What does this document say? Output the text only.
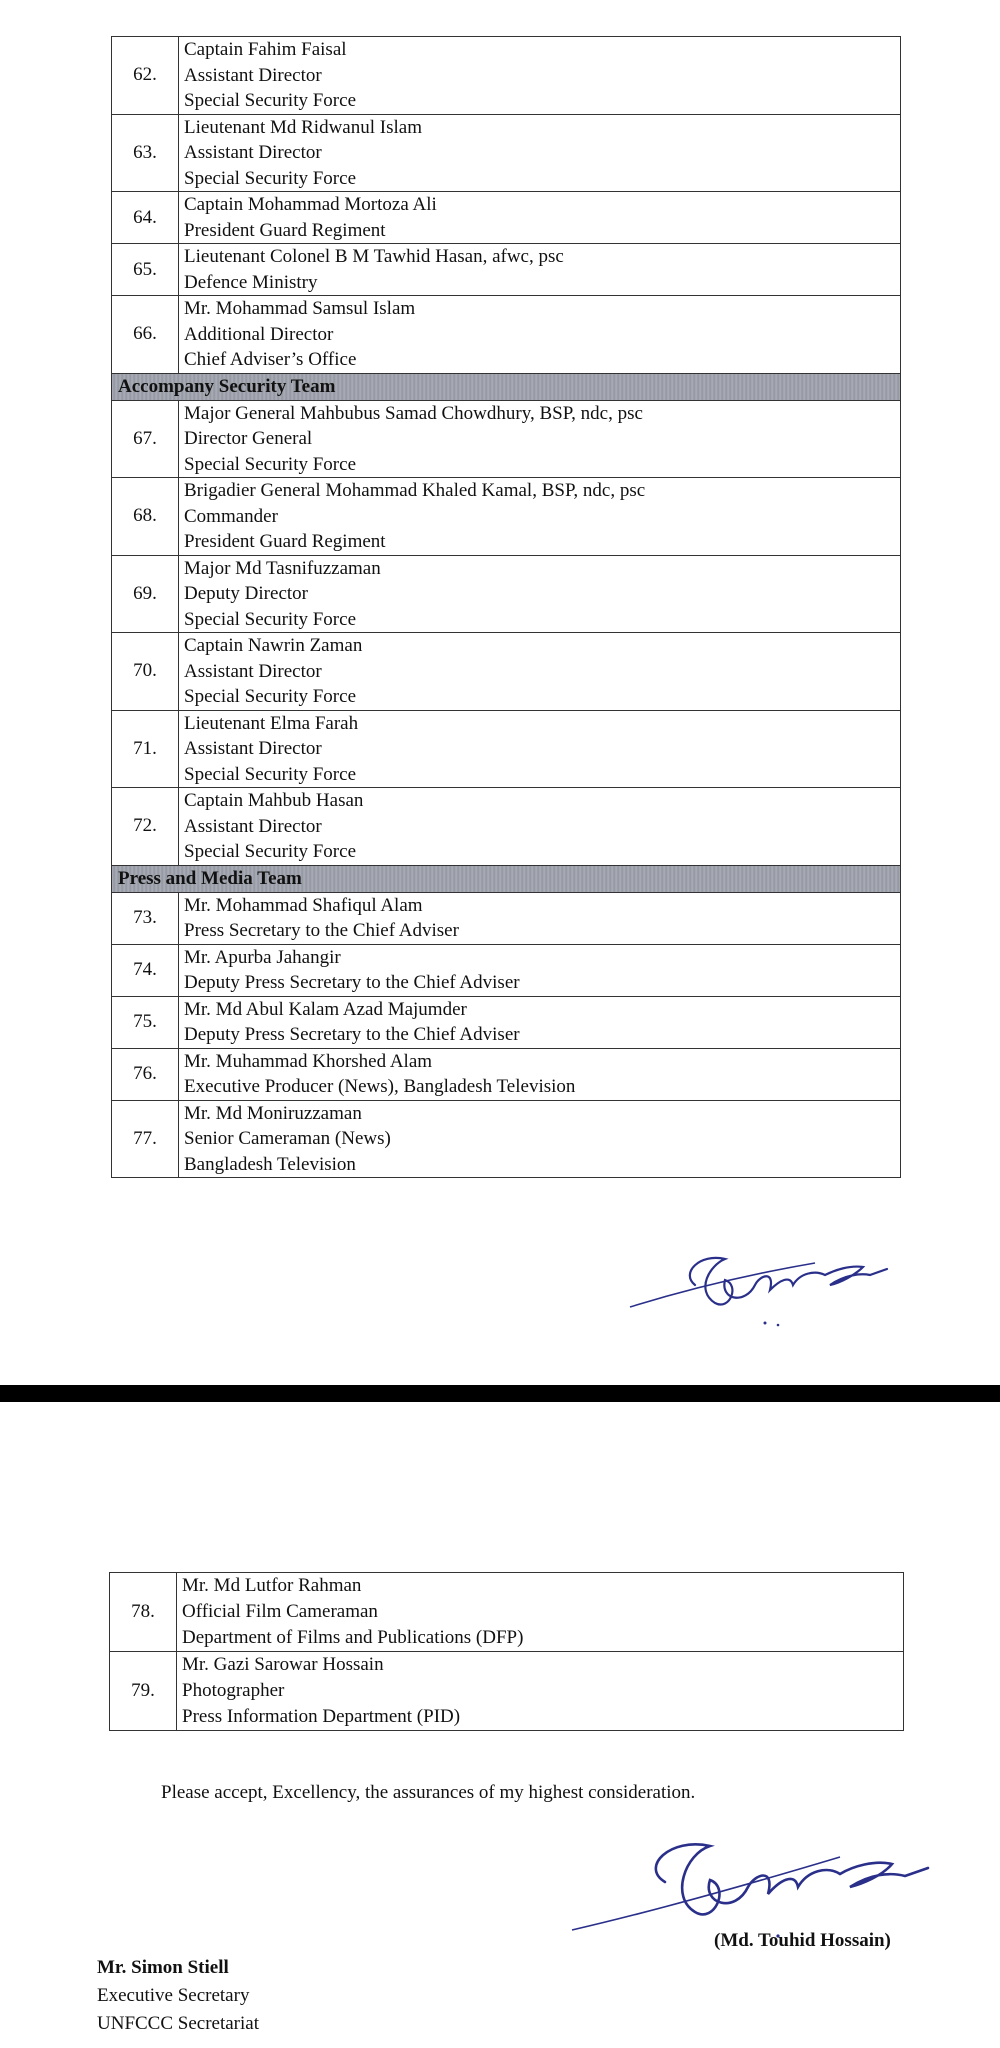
62.	Captain Fahim Faisal
Assistant Director
Special Security Force

63.	Lieutenant Md Ridwanul Islam
Assistant Director
Special Security Force

64.	Captain Mohammad Mortoza Ali
President Guard Regiment

65.	Lieutenant Colonel B M Tawhid Hasan, afwc, psc
Defence Ministry

66.	Mr. Mohammad Samsul Islam
Additional Director
Chief Adviser’s Office

Accompany Security Team	
67.	Major General Mahbubus Samad Chowdhury, BSP, ndc, psc
Director General
Special Security Force

68.	Brigadier General Mohammad Khaled Kamal, BSP, ndc, psc
Commander
President Guard Regiment

69.	Major Md Tasnifuzzaman
Deputy Director
Special Security Force

70.	Captain Nawrin Zaman
Assistant Director
Special Security Force

71.	Lieutenant Elma Farah
Assistant Director
Special Security Force

72.	Captain Mahbub Hasan
Assistant Director
Special Security Force

Press and Media Team	
73.	Mr. Mohammad Shafiqul Alam
Press Secretary to the Chief Adviser

74.	Mr. Apurba Jahangir
Deputy Press Secretary to the Chief Adviser

75.	Mr. Md Abul Kalam Azad Majumder
Deputy Press Secretary to the Chief Adviser

76.	Mr. Muhammad Khorshed Alam
Executive Producer (News), Bangladesh Television

77.	Mr. Md Moniruzzaman
Senior Cameraman (News)
Bangladesh Television
78.	Mr. Md Lutfor Rahman
Official Film Cameraman
Department of Films and Publications (DFP)

79.	Mr. Gazi Sarowar Hossain
Photographer
Press Information Department (PID)
Please accept, Excellency, the assurances of my highest consideration.
(Md. Touhid Hossain)
Mr. Simon Stiell
Executive Secretary
UNFCCC Secretariat
